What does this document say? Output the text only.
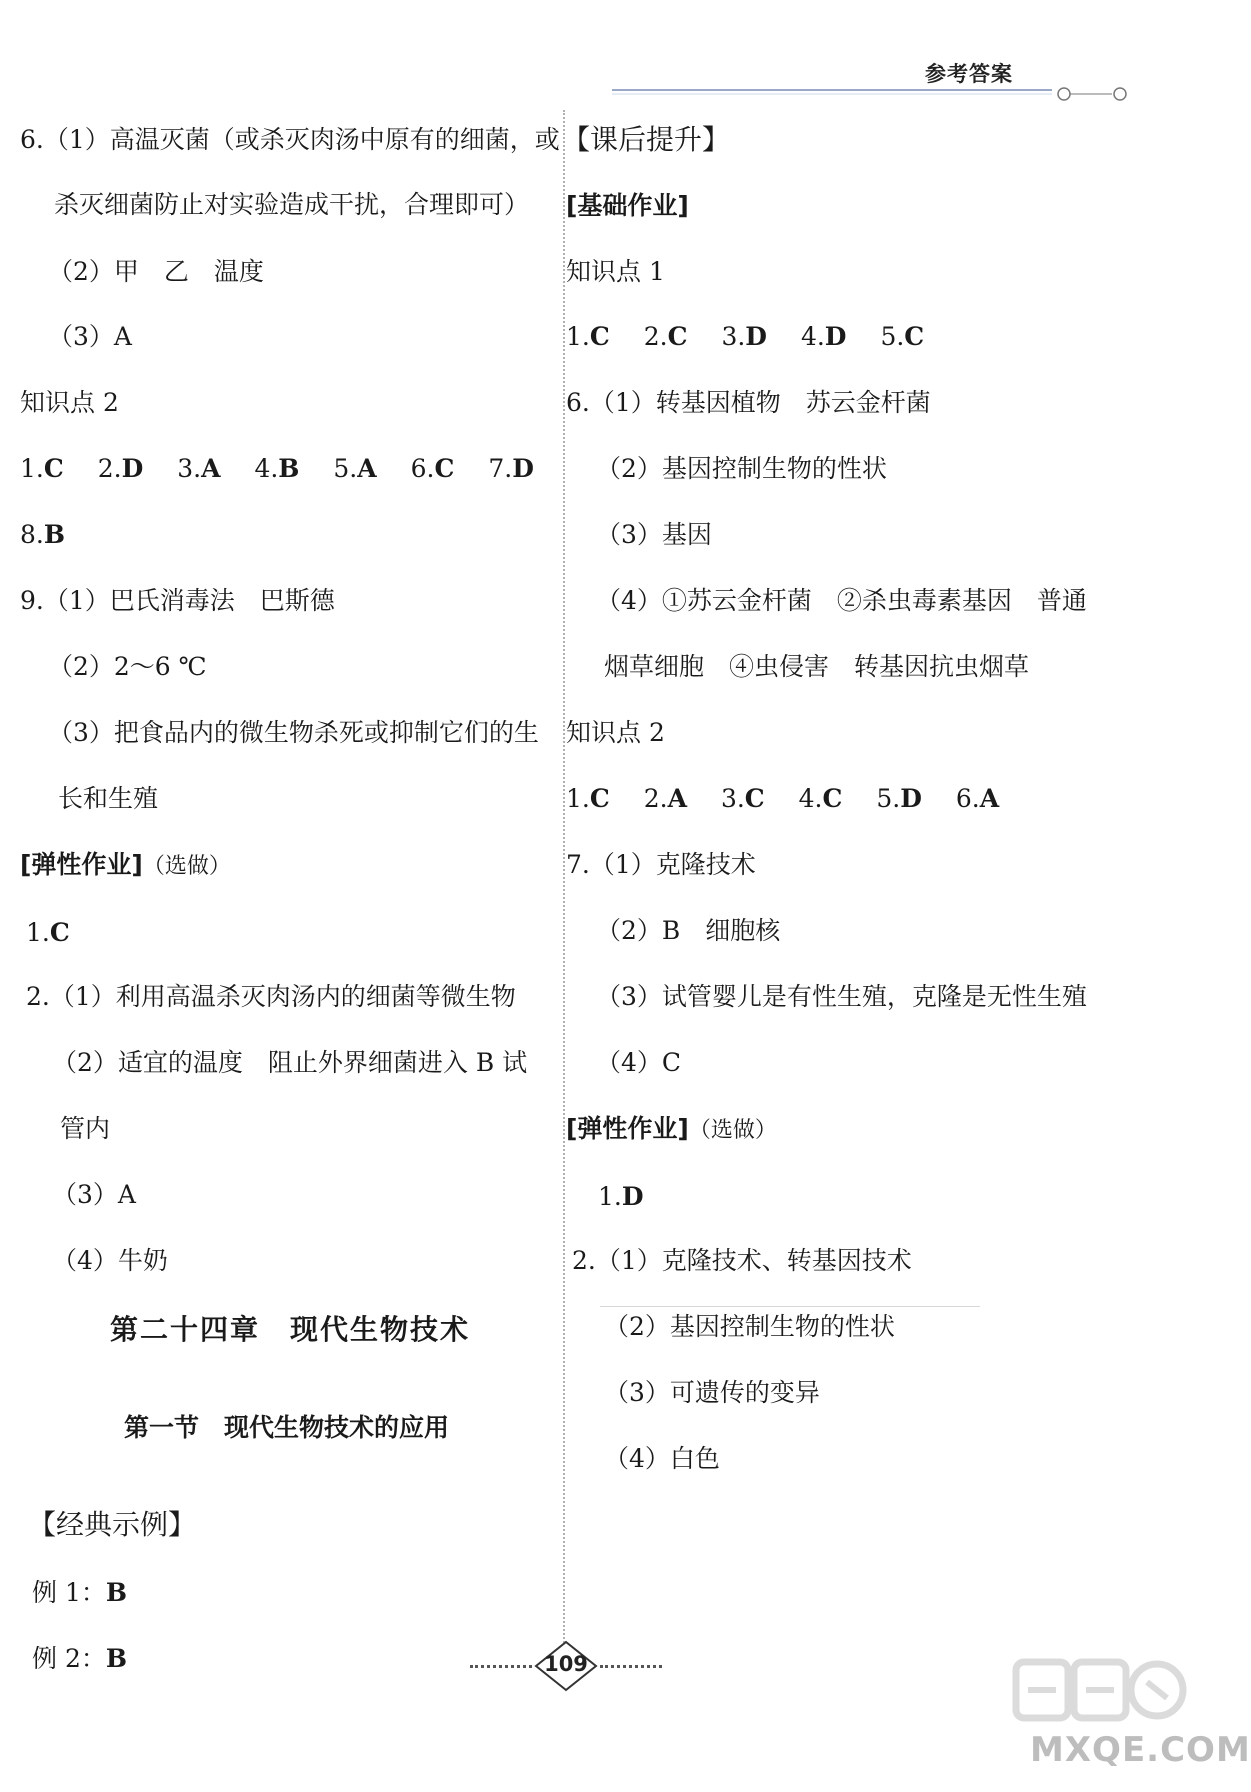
参考答案
6.（1）高温灭菌（或杀灭肉汤中原有的细菌，或
杀灭细菌防止对实验造成干扰，合理即可）
（2）甲　乙　温度
（3）A
知识点 2
1.C 2.D 3.A 4.B 5.A 6.C 7.D
8.B
9.（1）巴氏消毒法　巴斯德
（2）2～6 ℃
（3）把食品内的微生物杀死或抑制它们的生
长和生殖
[弹性作业]（选做）
1.C
2.（1）利用高温杀灭肉汤内的细菌等微生物
（2）适宜的温度　阻止外界细菌进入 B 试
管内
（3）A
（4）牛奶
第二十四章　现代生物技术
第一节　现代生物技术的应用
【经典示例】
例 1：B
例 2：B
【课后提升】
[基础作业]
知识点 1
1.C 2.C 3.D 4.D 5.C
6.（1）转基因植物　苏云金杆菌
（2）基因控制生物的性状
（3）基因
（4）①苏云金杆菌　②杀虫毒素基因　普通
烟草细胞　④虫侵害　转基因抗虫烟草
知识点 2
1.C 2.A 3.C 4.C 5.D 6.A
7.（1）克隆技术
（2）B　细胞核
（3）试管婴儿是有性生殖，克隆是无性生殖
（4）C
[弹性作业]（选做）
1.D
2.（1）克隆技术、转基因技术
（2）基因控制生物的性状
（3）可遗传的变异
（4）白色
109
MXQE.COM
